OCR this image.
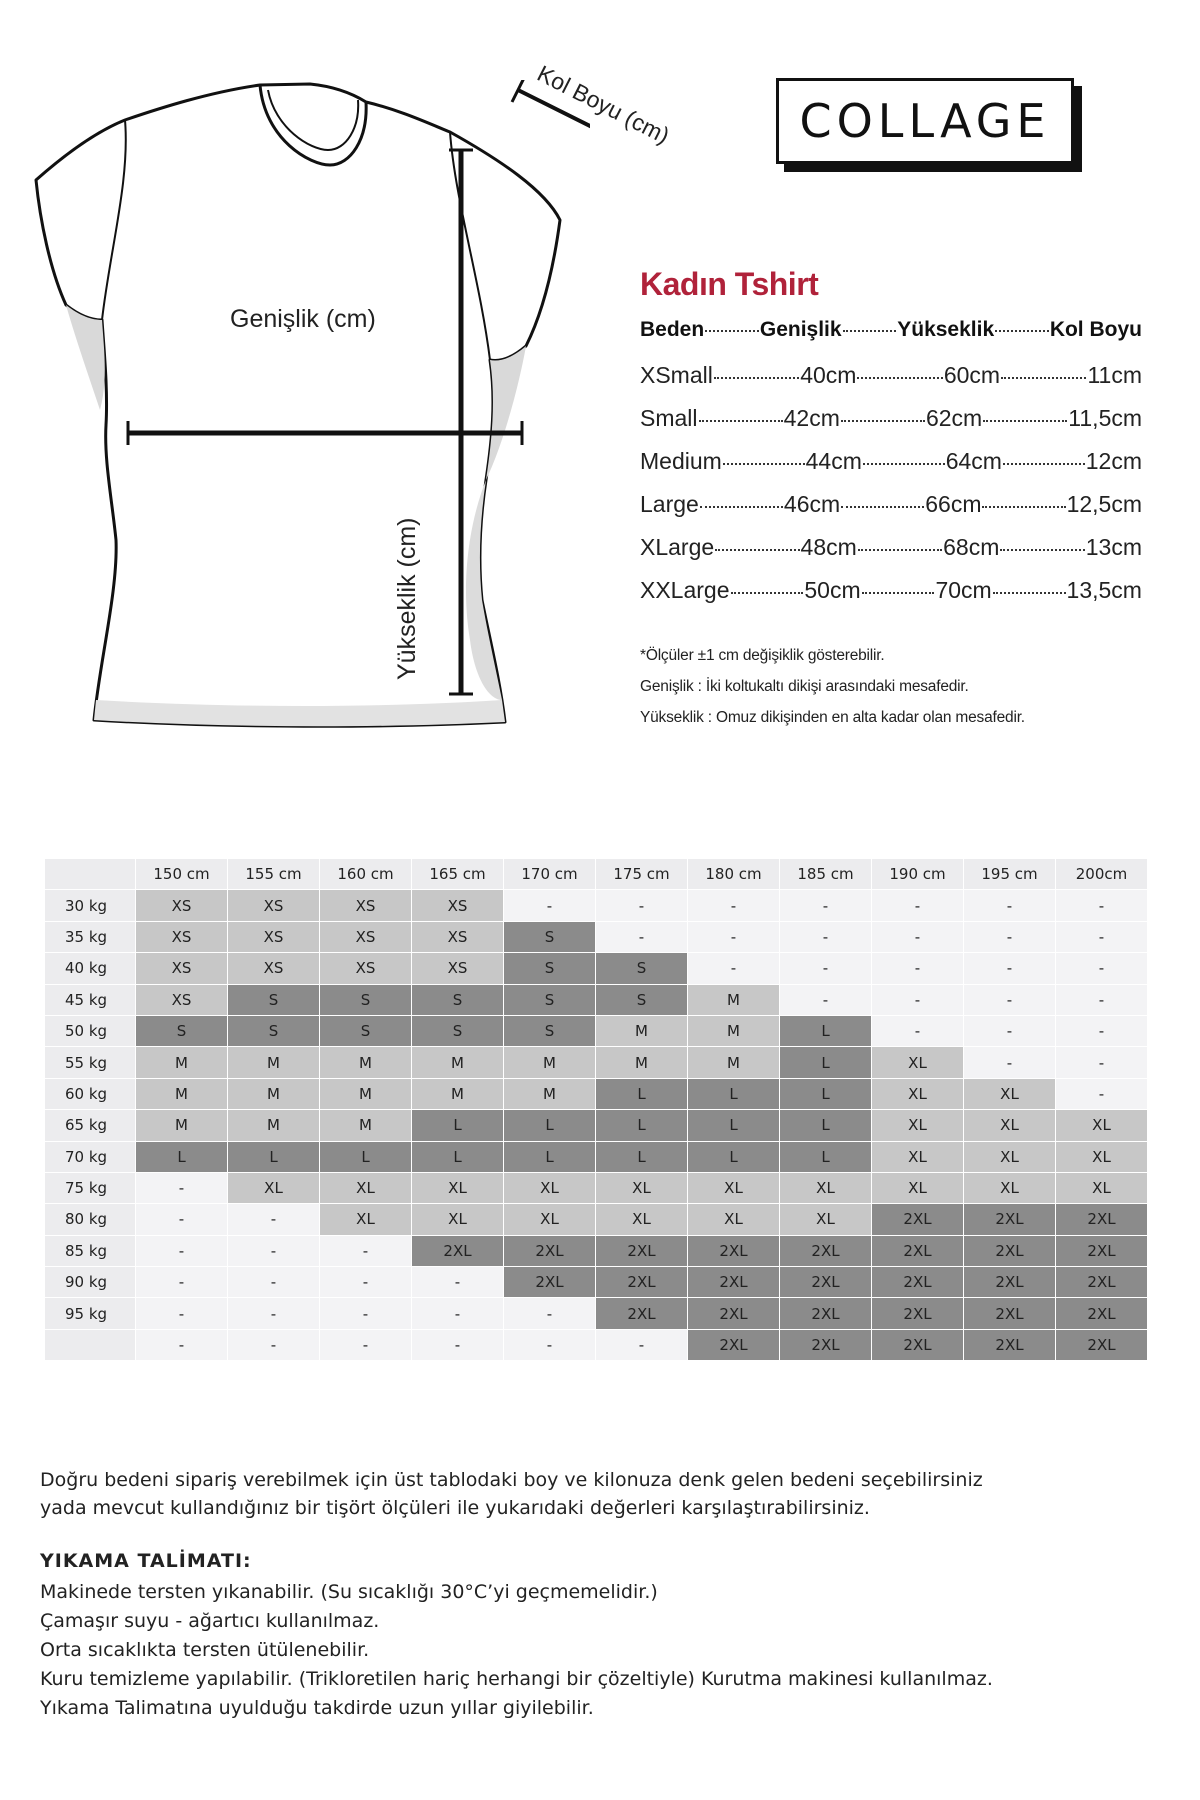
Genişlik (cm)
Yükseklik (cm)
Kol Boyu (cm)	COLLAGE
Kadın Tshirt
Beden	Genişlik	Yükseklik	Kol Boyu
XSmall	40cm	60cm	11cm
Small	42cm	62cm	11,5cm
Medium	44cm	64cm	12cm
Large	46cm	66cm	12,5cm
XLarge	48cm	68cm	13cm
XXLarge	50cm	70cm	13,5cm
*Ölçüler ±1 cm değişiklik gösterebilir.
Genişlik : İki koltukaltı dikişi arasındaki mesafedir.
Yükseklik : Omuz dikişinden en alta kadar olan mesafedir.
	150 cm	155 cm	160 cm	165 cm	170 cm	175 cm	180 cm	185 cm	190 cm	195 cm	200cm
30 kg	XS	XS	XS	XS	-	-	-	-	-	-	-
35 kg	XS	XS	XS	XS	S	-	-	-	-	-	-
40 kg	XS	XS	XS	XS	S	S	-	-	-	-	-
45 kg	XS	S	S	S	S	S	M	-	-	-	-
50 kg	S	S	S	S	S	M	M	L	-	-	-
55 kg	M	M	M	M	M	M	M	L	XL	-	-
60 kg	M	M	M	M	M	L	L	L	XL	XL	-
65 kg	M	M	M	L	L	L	L	L	XL	XL	XL
70 kg	L	L	L	L	L	L	L	L	XL	XL	XL
75 kg	-	XL	XL	XL	XL	XL	XL	XL	XL	XL	XL
80 kg	-	-	XL	XL	XL	XL	XL	XL	2XL	2XL	2XL
85 kg	-	-	-	2XL	2XL	2XL	2XL	2XL	2XL	2XL	2XL
90 kg	-	-	-	-	2XL	2XL	2XL	2XL	2XL	2XL	2XL
95 kg	-	-	-	-	-	2XL	2XL	2XL	2XL	2XL	2XL
	-	-	-	-	-	-	2XL	2XL	2XL	2XL	2XL
Doğru bedeni sipariş verebilmek için üst tablodaki boy ve kilonuza denk gelen bedeni seçebilirsiniz
yada mevcut kullandığınız bir tişört ölçüleri ile yukarıdaki değerleri karşılaştırabilirsiniz.
YIKAMA TALİMATI:
Makinede tersten yıkanabilir. (Su sıcaklığı 30°C’yi geçmemelidir.)
Çamaşır suyu - ağartıcı kullanılmaz.
Orta sıcaklıkta tersten ütülenebilir.
Kuru temizleme yapılabilir. (Trikloretilen hariç herhangi bir çözeltiyle) Kurutma makinesi kullanılmaz.
Yıkama Talimatına uyulduğu takdirde uzun yıllar giyilebilir.
